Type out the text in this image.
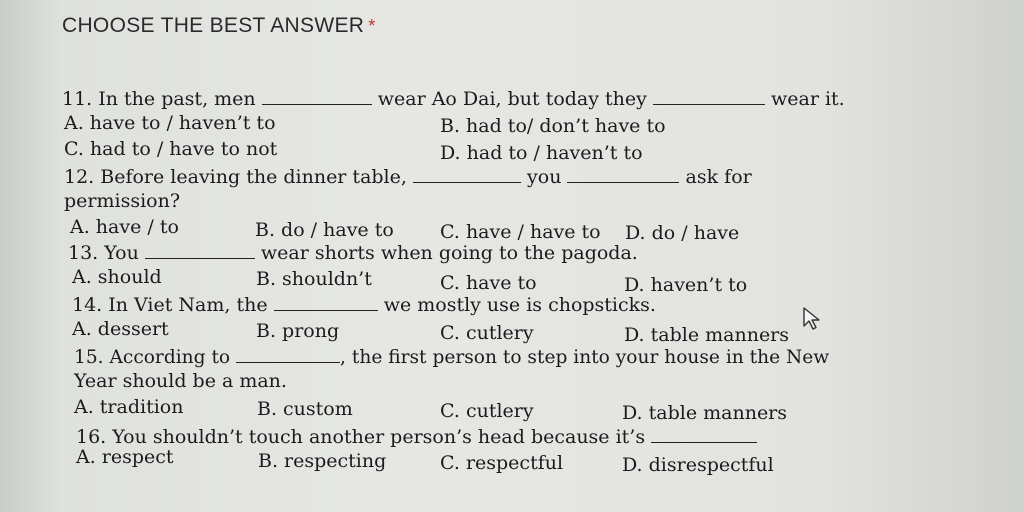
CHOOSE THE BEST ANSWER *
11. In the past, men	wear Ao Dai, but today they	wear it.
A. have to / haven’t to	B. had to/ don’t have to
C. had to / have to not	D. had to / haven’t to
12. Before leaving the dinner table,	you	ask for
permission?
A. have / to	B. do / have to C. have / have to D. do / have
13. You	wear shorts when going to the pagoda.
A. should	B. shouldn’t	C. have to	D. haven’t to
14. In Viet Nam, the	we mostly use is chopsticks.
A. dessert	B. prong	C. cutlery	D. table manners
15. According to	, the first person to step into your house in the New
Year should be a man.
A. tradition	B. custom	C. cutlery	D. table manners
16. You shouldn’t touch another person’s head because it’s
A. respect	B. respecting	C. respectful	D. disrespectful
